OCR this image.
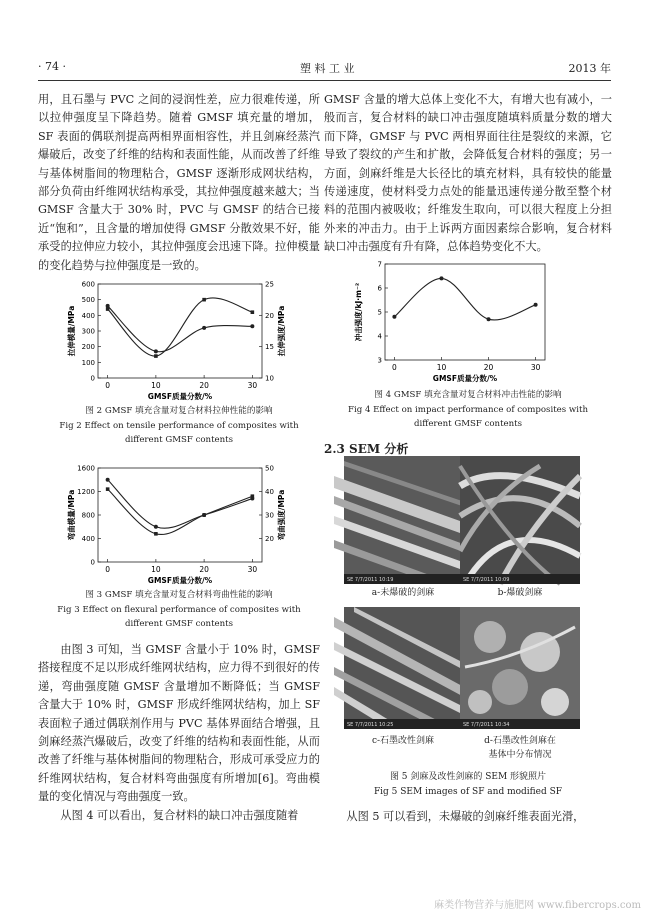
· 74 ·	塑 料 工 业	2013 年

用，且石墨与 PVC 之间的浸润性差，应力很难传递，所以拉伸强度呈下降趋势。随着 GMSF 填充量的增加，SF 表面的偶联剂提高两相界面相容性，并且剑麻经蒸汽爆破后，改变了纤维的结构和表面性能，从而改善了纤维与基体树脂间的物理粘合，GMSF 逐渐形成网状结构，部分负荷由纤维网状结构承受，其拉伸强度越来越大；当 GMSF 含量大于 30% 时，PVC 与 GMSF 的结合已接近“饱和”，且含量的增加使得 GMSF 分散效果不好，能承受的拉伸应力较小，其拉伸强度会迅速下降。拉伸模量的变化趋势与拉伸强度是一致的。

0	10	20	30
0
100
200
300
400
500
600
10
15
20
25
GMSF质量分数/%
拉伸模量/MPa	拉伸强度/MPa
图 2 GMSF 填充含量对复合材料拉伸性能的影响
Fig 2 Effect on tensile performance of composites with
different GMSF contents
0	10	20	30
0
400
800
1200
1600
20
30
40
50
GMSF质量分数/%
弯曲模量/MPa	弯曲强度/MPa
图 3 GMSF 填充含量对复合材料弯曲性能的影响
Fig 3 Effect on flexural performance of composites with
different GMSF contents

由图 3 可知，当 GMSF 含量小于 10% 时，GMSF 搭接程度不足以形成纤维网状结构，应力得不到很好的传递，弯曲强度随 GMSF 含量增加不断降低；当 GMSF 含量大于 10% 时，GMSF 形成纤维网状结构，加上 SF 表面粒子通过偶联剂作用与 PVC 基体界面结合增强，且剑麻经蒸汽爆破后，改变了纤维的结构和表面性能，从而改善了纤维与基体树脂间的物理粘合，形成可承受应力的纤维网状结构，复合材料弯曲强度有所增加[6]。弯曲模量的变化情况与弯曲强度一致。

从图 4 可以看出，复合材料的缺口冲击强度随着

GMSF 含量的增大总体上变化不大，有增大也有减小，一般而言，复合材料的缺口冲击强度随填料质量分数的增大而下降，GMSF 与 PVC 两相界面往往是裂纹的来源，它导致了裂纹的产生和扩散，会降低复合材料的强度；另一方面，剑麻纤维是大长径比的填充材料，具有较快的能量传递速度，使材料受力点处的能量迅速传递分散至整个材料的范围内被吸收；纤维发生取向，可以很大程度上分担外来的冲击力。由于上诉两方面因素综合影响，复合材料缺口冲击强度有升有降，总体趋势变化不大。

0	10	20	30
3
4
5
6
7
GMSF质量分数/%
冲击强度/kJ·m⁻²
图 4 GMSF 填充含量对复合材料冲击性能的影响
Fig 4 Effect on impact performance of composites with
different GMSF contents
2.3 SEM 分析
SE 7/7/2011 10:19
a-未爆破的剑麻
SE 7/7/2011 10:09
b-爆破剑麻
SE 7/7/2011 10:25
c-石墨改性剑麻
SE 7/7/2011 10:34
d-石墨改性剑麻在
基体中分布情况
图 5 剑麻及改性剑麻的 SEM 形貌照片
Fig 5 SEM images of SF and modified SF

从图 5 可以看到，未爆破的剑麻纤维表面光滑，

麻类作物营养与施肥网 www.fibercrops.com
